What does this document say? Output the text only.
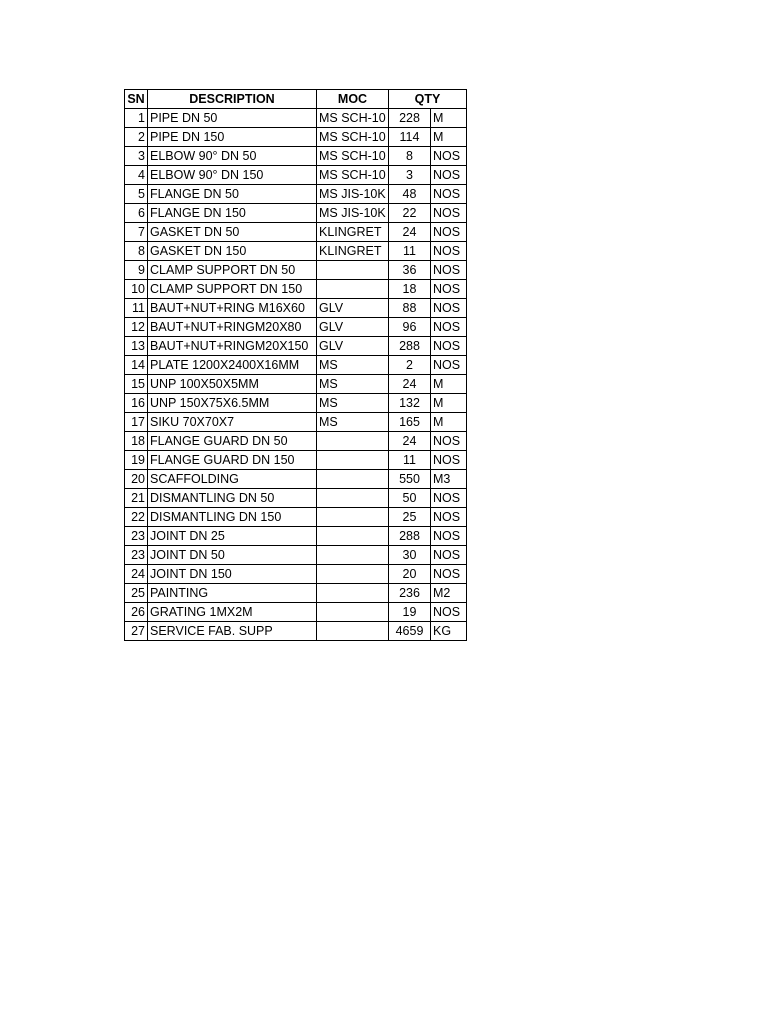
SN	DESCRIPTION	MOC	QTY	
1	PIPE DN 50	MS SCH-10	228	M
2	PIPE DN 150	MS SCH-10	114	M
3	ELBOW 90° DN 50	MS SCH-10	8	NOS
4	ELBOW 90° DN 150	MS SCH-10	3	NOS
5	FLANGE DN 50	MS JIS-10K	48	NOS
6	FLANGE DN 150	MS JIS-10K	22	NOS
7	GASKET DN 50	KLINGRET	24	NOS
8	GASKET DN 150	KLINGRET	11	NOS
9	CLAMP SUPPORT DN 50		36	NOS
10	CLAMP SUPPORT DN 150		18	NOS
11	BAUT+NUT+RING M16X60	GLV	88	NOS
12	BAUT+NUT+RINGM20X80	GLV	96	NOS
13	BAUT+NUT+RINGM20X150	GLV	288	NOS
14	PLATE 1200X2400X16MM	MS	2	NOS
15	UNP 100X50X5MM	MS	24	M
16	UNP 150X75X6.5MM	MS	132	M
17	SIKU 70X70X7	MS	165	M
18	FLANGE GUARD DN 50		24	NOS
19	FLANGE GUARD DN 150		11	NOS
20	SCAFFOLDING		550	M3
21	DISMANTLING DN 50		50	NOS
22	DISMANTLING DN 150		25	NOS
23	JOINT DN 25		288	NOS
23	JOINT DN 50		30	NOS
24	JOINT DN 150		20	NOS
25	PAINTING		236	M2
26	GRATING 1MX2M		19	NOS
27	SERVICE FAB. SUPP		4659	KG
